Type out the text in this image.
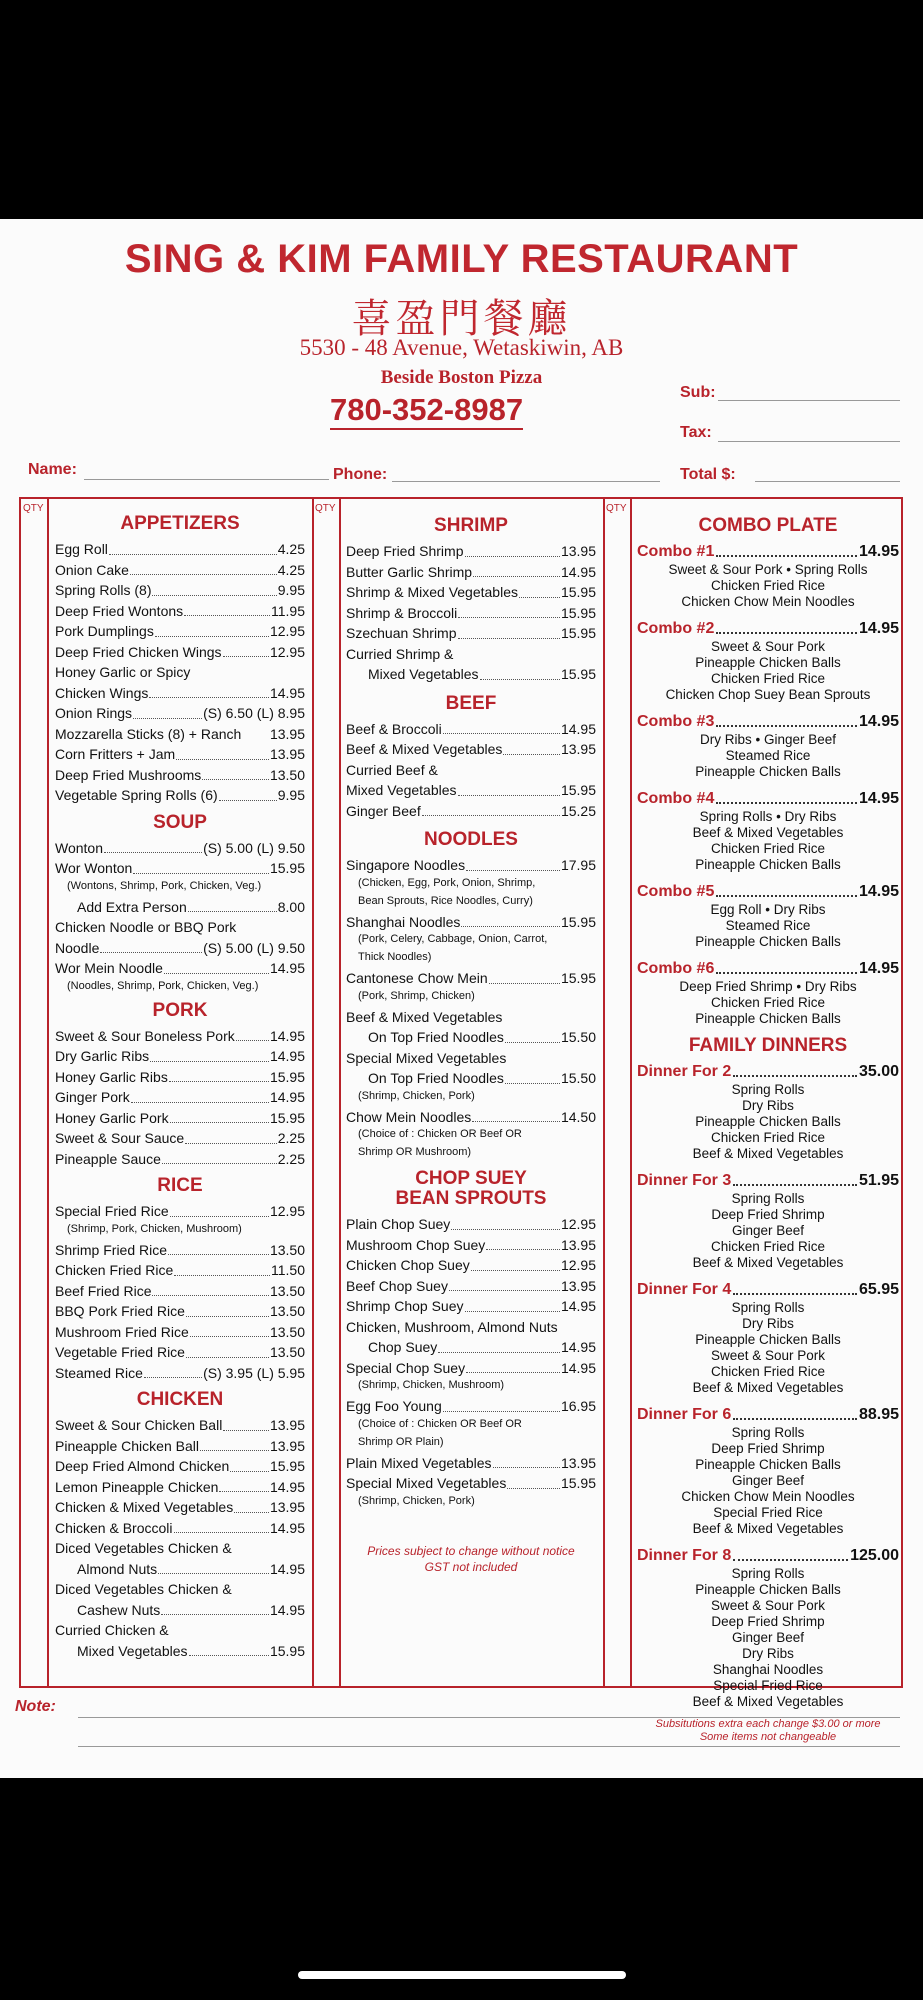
SING & KIM FAMILY RESTAURANT
喜盈門餐廳
5530 - 48 Avenue, Wetaskiwin, AB
Beside Boston Pizza
780-352-8987	Sub:
Tax:
Name:	Phone:	Total $:
QTY	QTY	QTY
APPETIZERS
Egg Roll	4.25
Onion Cake	4.25
Spring Rolls (8)	9.95
Deep Fried Wontons	11.95
Pork Dumplings	12.95
Deep Fried Chicken Wings	12.95
Honey Garlic or Spicy
Chicken Wings	14.95
Onion Rings	(S) 6.50 (L) 8.95
Mozzarella Sticks (8) + Ranch 13.95
Corn Fritters + Jam	13.95
Deep Fried Mushrooms	13.50
Vegetable Spring Rolls (6)	9.95
SOUP
Wonton	(S) 5.00 (L) 9.50
Wor Wonton	15.95
(Wontons, Shrimp, Pork, Chicken, Veg.)
Add Extra Person	8.00
Chicken Noodle or BBQ Pork
Noodle	(S) 5.00 (L) 9.50
Wor Mein Noodle	14.95
(Noodles, Shrimp, Pork, Chicken, Veg.)
PORK
Sweet & Sour Boneless Pork	14.95
Dry Garlic Ribs	14.95
Honey Garlic Ribs	15.95
Ginger Pork	14.95
Honey Garlic Pork	15.95
Sweet & Sour Sauce	2.25
Pineapple Sauce	2.25
RICE
Special Fried Rice	12.95
(Shrimp, Pork, Chicken, Mushroom)
Shrimp Fried Rice	13.50
Chicken Fried Rice	11.50
Beef Fried Rice	13.50
BBQ Pork Fried Rice	13.50
Mushroom Fried Rice	13.50
Vegetable Fried Rice	13.50
Steamed Rice	(S) 3.95 (L) 5.95
CHICKEN
Sweet & Sour Chicken Ball	13.95
Pineapple Chicken Ball	13.95
Deep Fried Almond Chicken	15.95
Lemon Pineapple Chicken	14.95
Chicken & Mixed Vegetables	13.95
Chicken & Broccoli	14.95
Diced Vegetables Chicken &
Almond Nuts	14.95
Diced Vegetables Chicken &
Cashew Nuts	14.95
Curried Chicken &
Mixed Vegetables	15.95
SHRIMP
Deep Fried Shrimp	13.95
Butter Garlic Shrimp	14.95
Shrimp & Mixed Vegetables	15.95
Shrimp & Broccoli	15.95
Szechuan Shrimp	15.95
Curried Shrimp &
Mixed Vegetables	15.95
BEEF
Beef & Broccoli	14.95
Beef & Mixed Vegetables	13.95
Curried Beef &
Mixed Vegetables	15.95
Ginger Beef	15.25
NOODLES
Singapore Noodles	17.95
(Chicken, Egg, Pork, Onion, Shrimp,
Bean Sprouts, Rice Noodles, Curry)
Shanghai Noodles	15.95
(Pork, Celery, Cabbage, Onion, Carrot,
Thick Noodles)
Cantonese Chow Mein	15.95
(Pork, Shrimp, Chicken)
Beef & Mixed Vegetables
On Top Fried Noodles	15.50
Special Mixed Vegetables
On Top Fried Noodles	15.50
(Shrimp, Chicken, Pork)
Chow Mein Noodles	14.50
(Choice of : Chicken OR Beef OR
Shrimp OR Mushroom)
CHOP SUEY
BEAN SPROUTS
Plain Chop Suey	12.95
Mushroom Chop Suey	13.95
Chicken Chop Suey	12.95
Beef Chop Suey	13.95
Shrimp Chop Suey	14.95
Chicken, Mushroom, Almond Nuts
Chop Suey	14.95
Special Chop Suey	14.95
(Shrimp, Chicken, Mushroom)
Egg Foo Young	16.95
(Choice of : Chicken OR Beef OR
Shrimp OR Plain)
Plain Mixed Vegetables	13.95
Special Mixed Vegetables	15.95
(Shrimp, Chicken, Pork)
Prices subject to change without notice
GST not included
COMBO PLATE
Combo #1	14.95
Sweet & Sour Pork • Spring Rolls
Chicken Fried Rice
Chicken Chow Mein Noodles
Combo #2	14.95
Sweet & Sour Pork
Pineapple Chicken Balls
Chicken Fried Rice
Chicken Chop Suey Bean Sprouts
Combo #3	14.95
Dry Ribs • Ginger Beef
Steamed Rice
Pineapple Chicken Balls
Combo #4	14.95
Spring Rolls • Dry Ribs
Beef & Mixed Vegetables
Chicken Fried Rice
Pineapple Chicken Balls
Combo #5	14.95
Egg Roll • Dry Ribs
Steamed Rice
Pineapple Chicken Balls
Combo #6	14.95
Deep Fried Shrimp • Dry Ribs
Chicken Fried Rice
Pineapple Chicken Balls
FAMILY DINNERS
Dinner For 2	35.00
Spring Rolls
Dry Ribs
Pineapple Chicken Balls
Chicken Fried Rice
Beef & Mixed Vegetables
Dinner For 3	51.95
Spring Rolls
Deep Fried Shrimp
Ginger Beef
Chicken Fried Rice
Beef & Mixed Vegetables
Dinner For 4	65.95
Spring Rolls
Dry Ribs
Pineapple Chicken Balls
Sweet & Sour Pork
Chicken Fried Rice
Beef & Mixed Vegetables
Dinner For 6	88.95
Spring Rolls
Deep Fried Shrimp
Pineapple Chicken Balls
Ginger Beef
Chicken Chow Mein Noodles
Special Fried Rice
Beef & Mixed Vegetables
Dinner For 8	125.00
Spring Rolls
Pineapple Chicken Balls
Sweet & Sour Pork
Deep Fried Shrimp
Ginger Beef
Dry Ribs
Shanghai Noodles
Special Fried Rice
Beef & Mixed Vegetables
Subsitutions extra each change $3.00 or more
Some items not changeable
Note:
